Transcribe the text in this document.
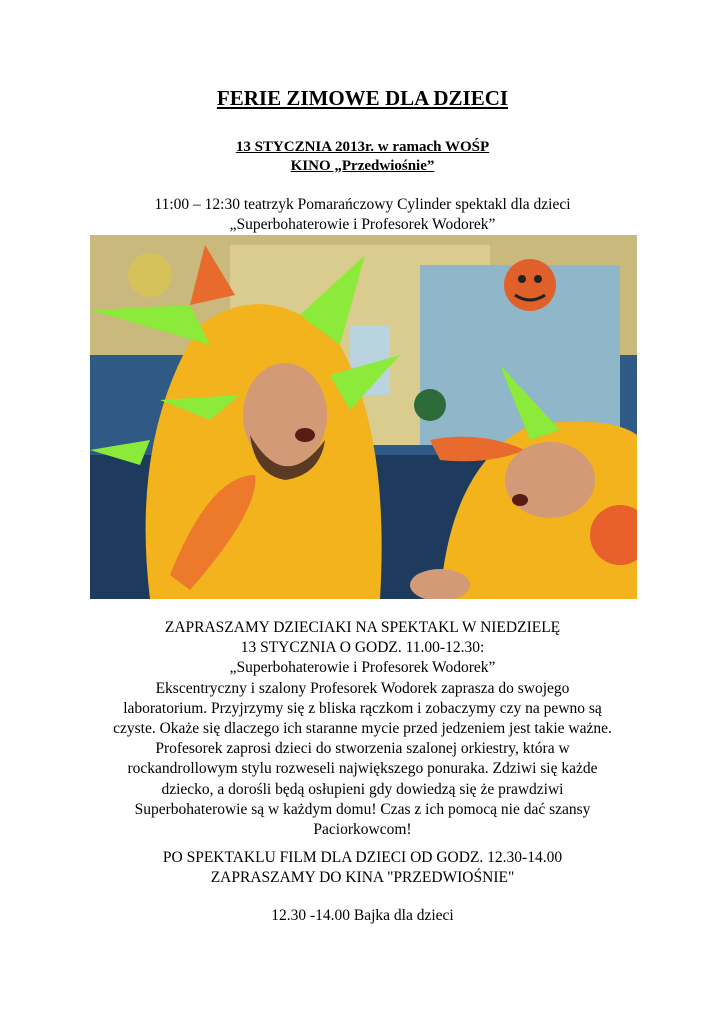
FERIE ZIMOWE DLA DZIECI
13 STYCZNIA 2013r. w ramach WOŚP
KINO „Przedwiośnie”
11:00 – 12:30 teatrzyk Pomarańczowy Cylinder spektakl dla dzieci
„Superbohaterowie i Profesorek Wodorek”
ZAPRASZAMY DZIECIAKI NA SPEKTAKL W NIEDZIELĘ
13 STYCZNIA O GODZ. 11.00-12.30:
„Superbohaterowie i Profesorek Wodorek”
Ekscentryczny i szalony Profesorek Wodorek zaprasza do swojego
laboratorium. Przyjrzymy się z bliska rączkom i zobaczymy czy na pewno są
czyste. Okaże się dlaczego ich staranne mycie przed jedzeniem jest takie ważne.
Profesorek zaprosi dzieci do stworzenia szalonej orkiestry, która w
rockandrollowym stylu rozweseli największego ponuraka. Zdziwi się każde
dziecko, a dorośli będą osłupieni gdy dowiedzą się że prawdziwi
Superbohaterowie są w każdym domu! Czas z ich pomocą nie dać szansy
Paciorkowcom!
PO SPEKTAKLU FILM DLA DZIECI OD GODZ. 12.30-14.00
ZAPRASZAMY DO KINA "PRZEDWIOŚNIE"
12.30 -14.00 Bajka dla dzieci
